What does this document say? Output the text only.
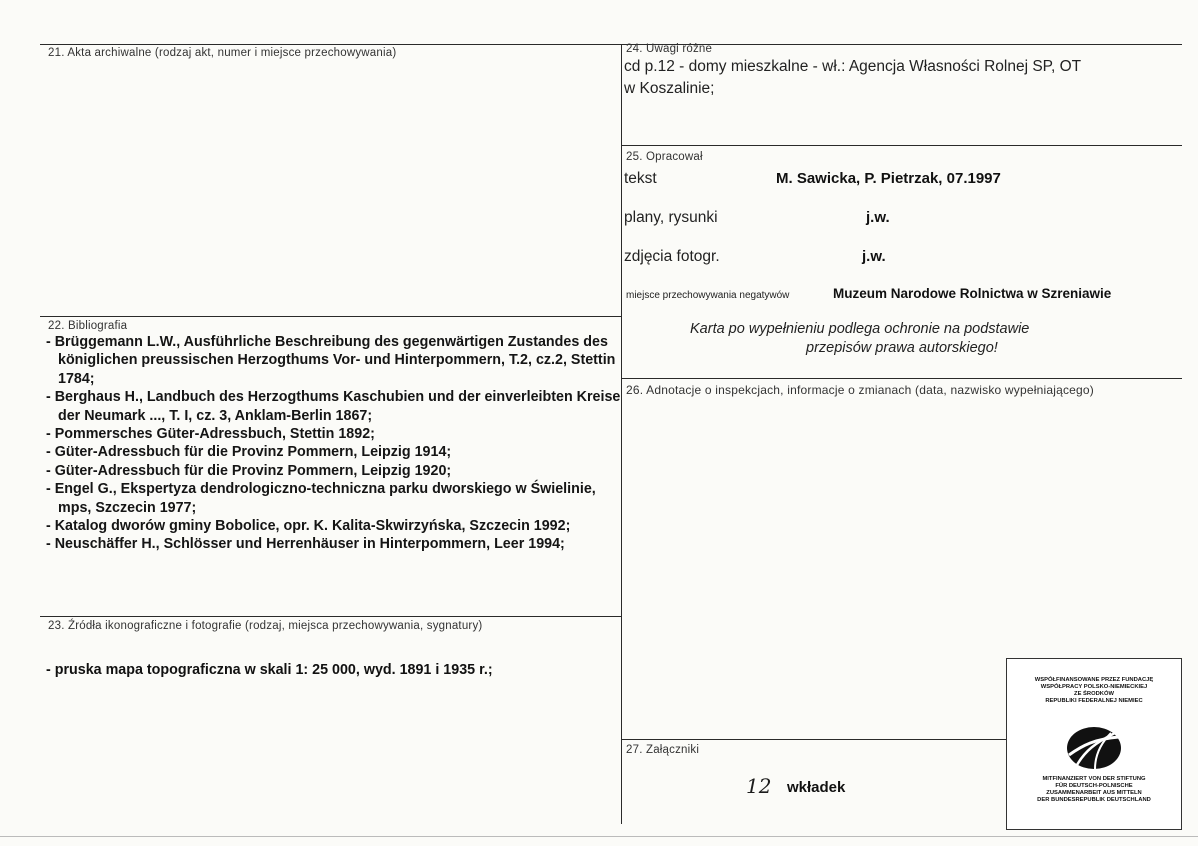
21. Akta archiwalne (rodzaj akt, numer i miejsce przechowywania)
22. Bibliografia
- Brüggemann L.W., Ausführliche Beschreibung des gegenwärtigen Zustandes des königlichen preussischen Herzogthums Vor- und Hinterpommern, T.2, cz.2, Stettin 1784;
- Berghaus H., Landbuch des Herzogthums Kaschubien und der einverleibten Kreise der Neumark ..., T. I, cz. 3, Anklam-Berlin 1867;
- Pommersches Güter-Adressbuch, Stettin 1892;
- Güter-Adressbuch für die Provinz Pommern, Leipzig 1914;
- Güter-Adressbuch für die Provinz Pommern, Leipzig 1920;
- Engel G., Ekspertyza dendrologiczno-techniczna parku dworskiego w Świelinie, mps, Szczecin 1977;
- Katalog dworów gminy Bobolice, opr. K. Kalita-Skwirzyńska, Szczecin 1992;
- Neuschäffer H., Schlösser und Herrenhäuser in Hinterpommern, Leer 1994;
23. Źródła ikonograficzne i fotografie (rodzaj, miejsca przechowywania, sygnatury)
- pruska mapa topograficzna w skali 1: 25 000, wyd. 1891 i 1935 r.;
24. Uwagi różne
cd p.12 - domy mieszkalne - wł.: Agencja Własności Rolnej SP, OT
w Koszalinie;
25. Opracował
tekst	M. Sawicka, P. Pietrzak, 07.1997
plany, rysunki	j.w.
zdjęcia fotogr.	j.w.
miejsce przechowywania negatywów	Muzeum Narodowe Rolnictwa w Szreniawie
Karta po wypełnieniu podlega ochronie na podstawie
przepisów prawa autorskiego!
26. Adnotacje o inspekcjach, informacje o zmianach (data, nazwisko wypełniającego)
27. Załączniki
12 wkładek
WSPÓŁFINANSOWANE PRZEZ FUNDACJĘ
WSPÓŁPRACY POLSKO-NIEMIECKIEJ
ZE ŚRODKÓW
REPUBLIKI FEDERALNEJ NIEMIEC
MITFINANZIERT VON DER STIFTUNG
FÜR DEUTSCH-POLNISCHE
ZUSAMMENARBEIT AUS MITTELN
DER BUNDESREPUBLIK DEUTSCHLAND
